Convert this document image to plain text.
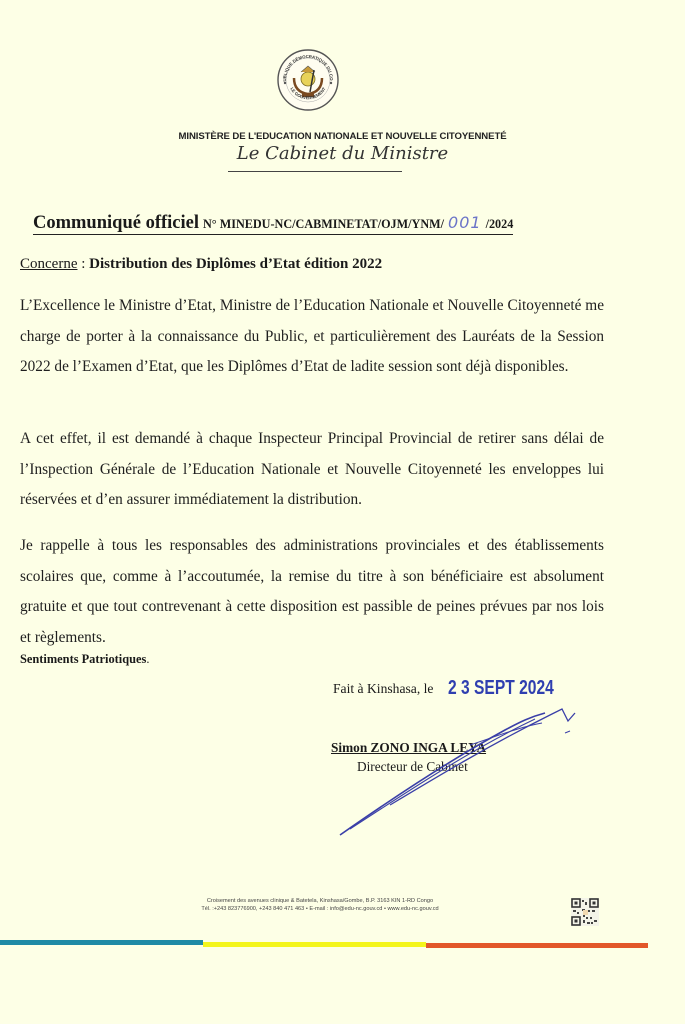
UBLIQUE DÉMOCRATIQUE DU CO
LE GOUVERNEMENT
MINISTÈRE DE L'EDUCATION NATIONALE ET NOUVELLE CITOYENNETÉ
Le Cabinet du Ministre
Communiqué officiel N° MINEDU-NC/CABMINETAT/OJM/YNM/ 001 /2024
Concerne : Distribution des Diplômes d’Etat édition 2022
L’Excellence le Ministre d’Etat, Ministre de l’Education Nationale et Nouvelle Citoyenneté me charge de porter à la connaissance du Public, et particulièrement des Lauréats de la Session 2022 de l’Examen d’Etat, que les Diplômes d’Etat de ladite session sont déjà disponibles.
A cet effet, il est demandé à chaque Inspecteur Principal Provincial de retirer sans délai de l’Inspection Générale de l’Education Nationale et Nouvelle Citoyenneté les enveloppes lui réservées et d’en assurer immédiatement la distribution.
Je rappelle à tous les responsables des administrations provinciales et des établissements scolaires que, comme à l’accoutumée, la remise du titre à son bénéficiaire est absolument gratuite et que tout contrevenant à cette disposition est passible de peines prévues par nos lois et règlements.
Sentiments Patriotiques.
Fait à Kinshasa, le 2 3 SEPT 2024
Simon ZONO INGA LEYA
Directeur de Cabinet
Croisement des avenues clinique & Batetela, Kinshasa/Gombe, B.P. 3163 KIN 1-RD Congo
Tél. :+243 823776900, +243 840 471 463 • E-mail : info@edu-nc.gouv.cd • www.edu-nc.gouv.cd
